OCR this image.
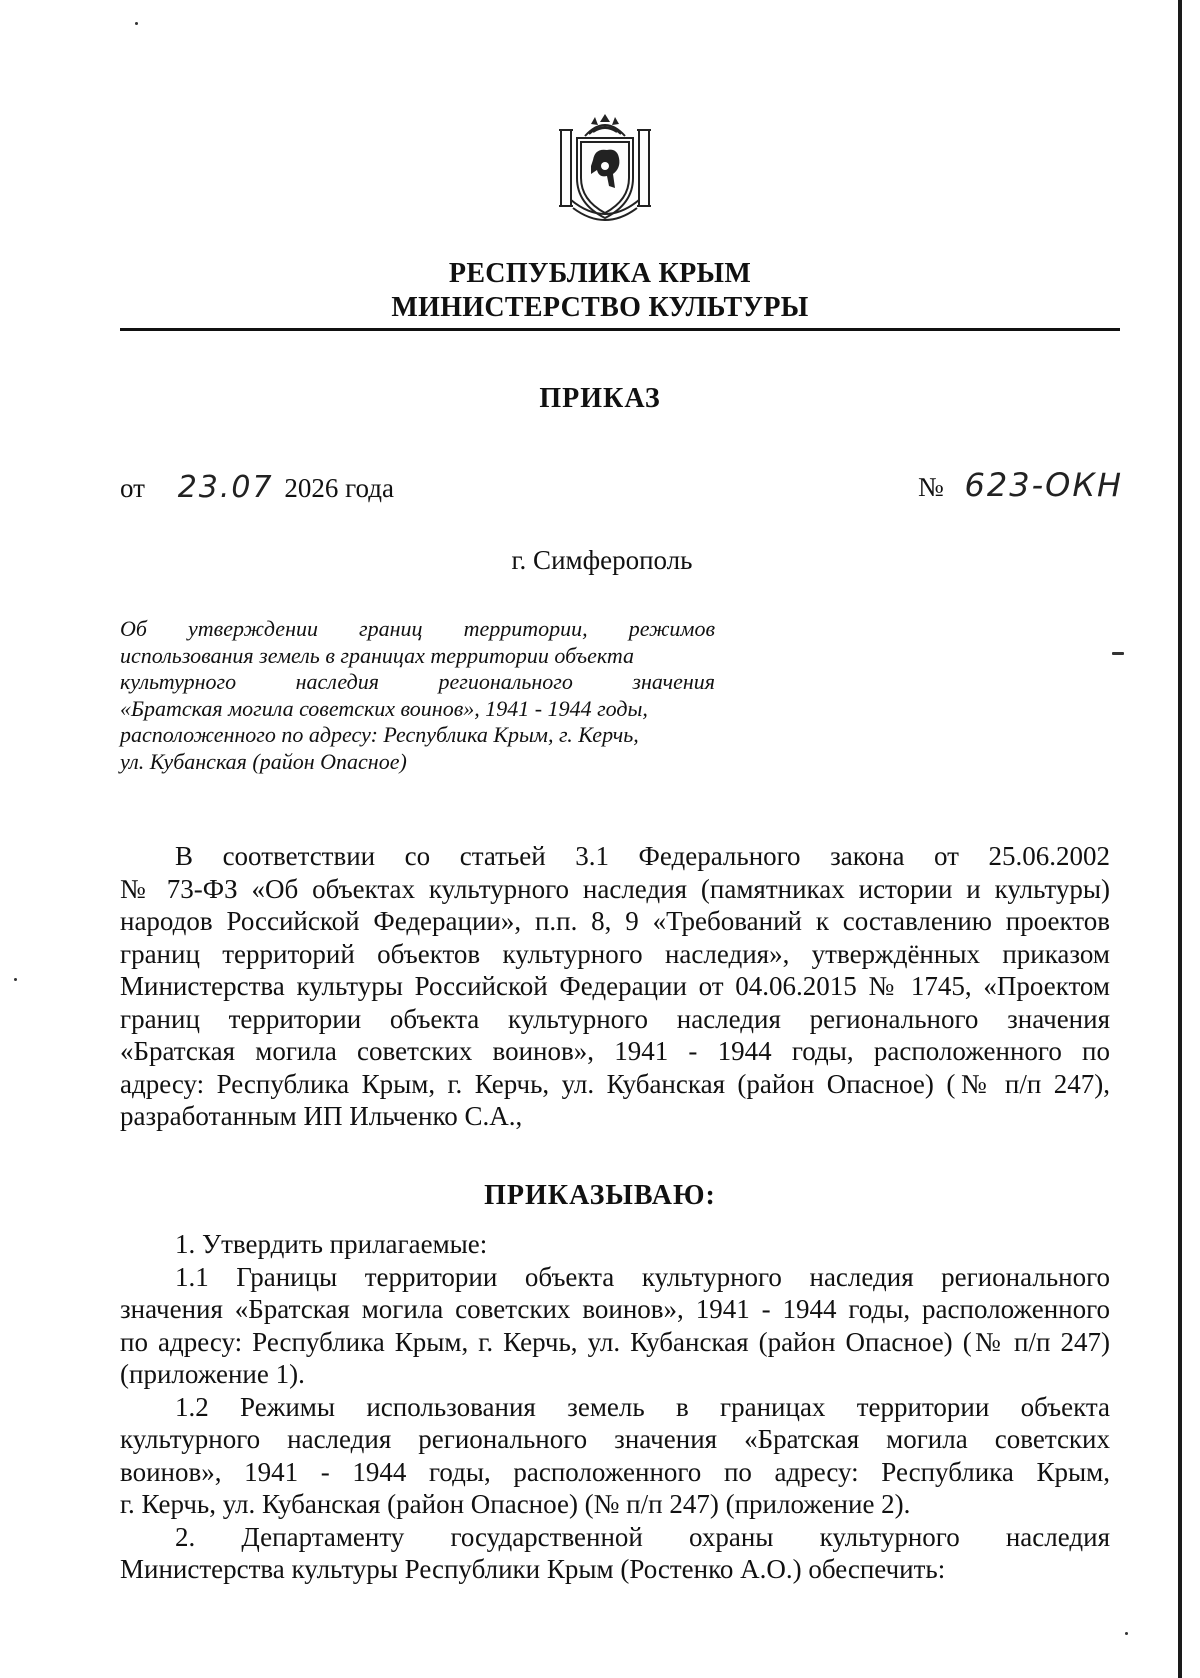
РЕСПУБЛИКА КРЫМ
МИНИСТЕРСТВО КУЛЬТУРЫ
ПРИКАЗ
от 23.07 2026 года	№ 623-ОКН
г. Симферополь
Об утверждении границ территории, режимов
использования земель в границах территории объекта
культурного наследия регионального значения
«Братская могила советских воинов», 1941 - 1944 годы,
расположенного по адресу: Республика Крым, г. Керчь,
ул. Кубанская (район Опасное)
В соответствии со статьей 3.1 Федерального закона от 25.06.2002
№ 73-ФЗ «Об объектах культурного наследия (памятниках истории и культуры)
народов Российской Федерации», п.п. 8, 9 «Требований к составлению проектов
границ территорий объектов культурного наследия», утверждённых приказом
Министерства культуры Российской Федерации от 04.06.2015 № 1745, «Проектом
границ территории объекта культурного наследия регионального значения
«Братская могила советских воинов», 1941 - 1944 годы, расположенного по
адресу: Республика Крым, г. Керчь, ул. Кубанская (район Опасное) (№ п/п 247),
разработанным ИП Ильченко С.А.,
ПРИКАЗЫВАЮ:
1. Утвердить прилагаемые:
1.1 Границы территории объекта культурного наследия регионального
значения «Братская могила советских воинов», 1941 - 1944 годы, расположенного
по адресу: Республика Крым, г. Керчь, ул. Кубанская (район Опасное) (№ п/п 247)
(приложение 1).
1.2 Режимы использования земель в границах территории объекта
культурного наследия регионального значения «Братская могила советских
воинов», 1941 - 1944 годы, расположенного по адресу: Республика Крым,
г. Керчь, ул. Кубанская (район Опасное) (№ п/п 247) (приложение 2).
2. Департаменту государственной охраны культурного наследия
Министерства культуры Республики Крым (Ростенко А.О.) обеспечить:
